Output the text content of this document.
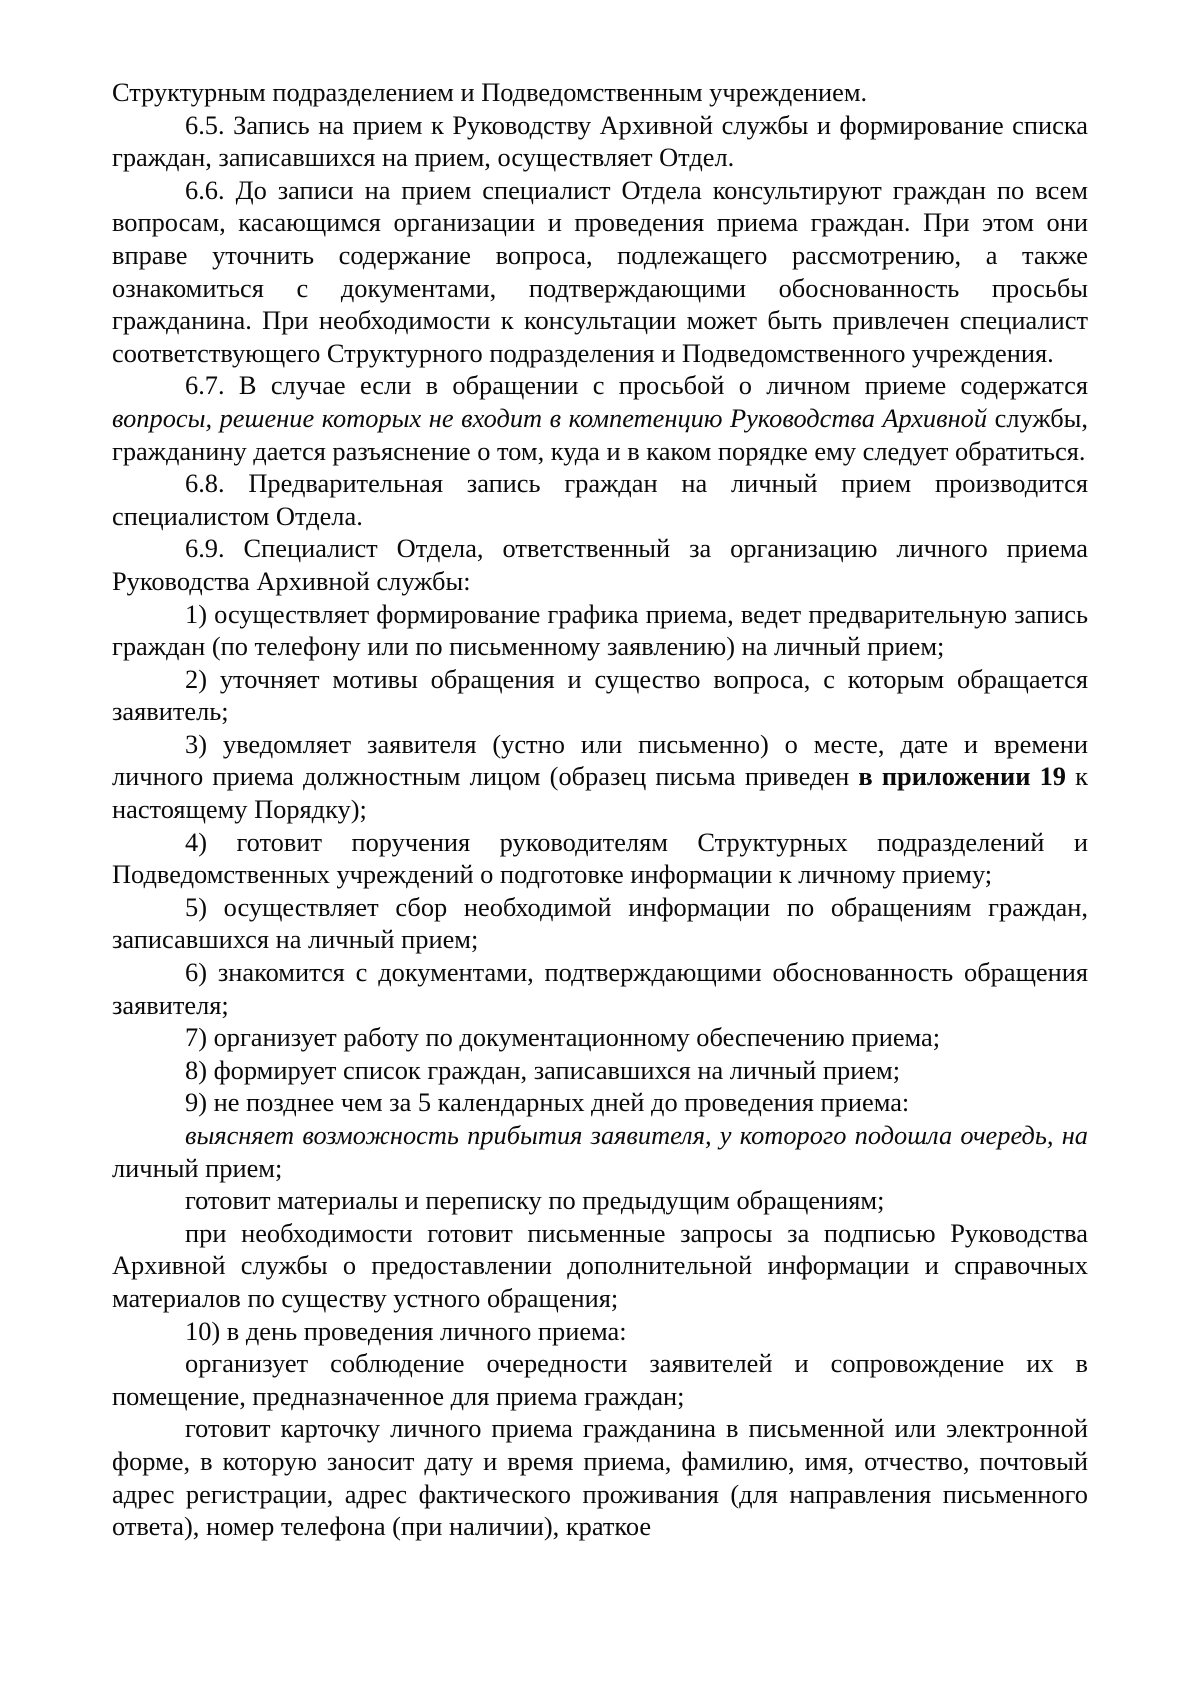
Структурным подразделением и Подведомственным учреждением.

6.5. Запись на прием к Руководству Архивной службы и формирование списка граждан, записавшихся на прием, осуществляет Отдел.

6.6. До записи на прием специалист Отдела консультируют граждан по всем вопросам, касающимся организации и проведения приема граждан. При этом они вправе уточнить содержание вопроса, подлежащего рассмотрению, а также ознакомиться с документами, подтверждающими обоснованность просьбы гражданина. При необходимости к консультации может быть привлечен специалист соответствующего Структурного подразделения и Подведомственного учреждения.

6.7. В случае если в обращении с просьбой о личном приеме содержатся вопросы, решение которых не входит в компетенцию Руководства Архивной службы, гражданину дается разъяснение о том, куда и в каком порядке ему следует обратиться.

6.8. Предварительная запись граждан на личный прием производится специалистом Отдела.

6.9. Специалист Отдела, ответственный за организацию личного приема Руководства Архивной службы:

1) осуществляет формирование графика приема, ведет предварительную запись граждан (по телефону или по письменному заявлению) на личный прием;

2) уточняет мотивы обращения и существо вопроса, с которым обращается заявитель;

3) уведомляет заявителя (устно или письменно) о месте, дате и времени личного приема должностным лицом (образец письма приведен в приложении 19 к настоящему Порядку);

4) готовит поручения руководителям Структурных подразделений и Подведомственных учреждений о подготовке информации к личному приему;

5) осуществляет сбор необходимой информации по обращениям граждан, записавшихся на личный прием;

6) знакомится с документами, подтверждающими обоснованность обращения заявителя;

7) организует работу по документационному обеспечению приема;

8) формирует список граждан, записавшихся на личный прием;

9) не позднее чем за 5 календарных дней до проведения приема:

выясняет возможность прибытия заявителя, у которого подошла очередь, на личный прием;

готовит материалы и переписку по предыдущим обращениям;

при необходимости готовит письменные запросы за подписью Руководства Архивной службы о предоставлении дополнительной информации и справочных материалов по существу устного обращения;

10) в день проведения личного приема:

организует соблюдение очередности заявителей и сопровождение их в помещение, предназначенное для приема граждан;

готовит карточку личного приема гражданина в письменной или электронной форме, в которую заносит дату и время приема, фамилию, имя, отчество, почтовый адрес регистрации, адрес фактического проживания (для направления письменного ответа), номер телефона (при наличии), краткое
